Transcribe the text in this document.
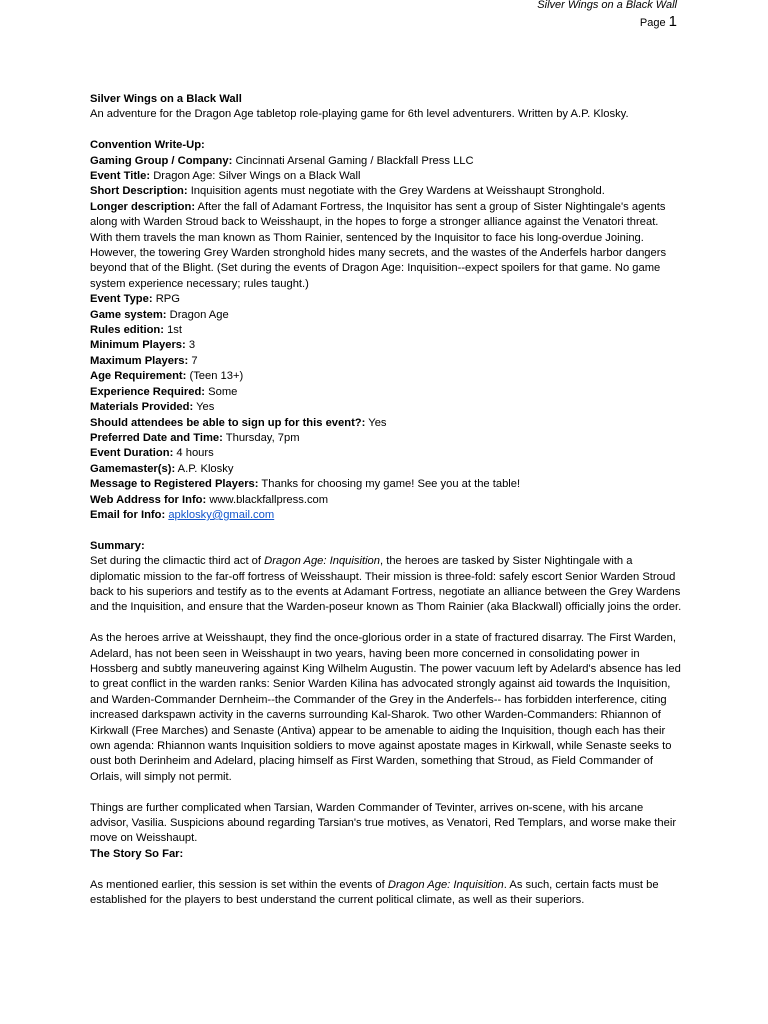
Silver Wings on a Black Wall
Page 1

Silver Wings on a Black Wall

An adventure for the Dragon Age tabletop role-playing game for 6th level adventurers. Written by A.P. Klosky.

Convention Write-Up:

Gaming Group / Company: Cincinnati Arsenal Gaming / Blackfall Press LLC

Event Title: Dragon Age: Silver Wings on a Black Wall

Short Description: Inquisition agents must negotiate with the Grey Wardens at Weisshaupt Stronghold.

Longer description: After the fall of Adamant Fortress, the Inquisitor has sent a group of Sister Nightingale's agents along with Warden Stroud back to Weisshaupt, in the hopes to forge a stronger alliance against the Venatori threat. With them travels the man known as Thom Rainier, sentenced by the Inquisitor to face his long-overdue Joining. However, the towering Grey Warden stronghold hides many secrets, and the wastes of the Anderfels harbor dangers beyond that of the Blight. (Set during the events of Dragon Age: Inquisition--expect spoilers for that game. No game system experience necessary; rules taught.)

Event Type: RPG

Game system: Dragon Age

Rules edition: 1st

Minimum Players: 3

Maximum Players: 7

Age Requirement: (Teen 13+)

Experience Required: Some

Materials Provided: Yes

Should attendees be able to sign up for this event?: Yes

Preferred Date and Time: Thursday, 7pm

Event Duration: 4 hours

Gamemaster(s): A.P. Klosky

Message to Registered Players: Thanks for choosing my game! See you at the table!

Web Address for Info: www.blackfallpress.com

Email for Info: apklosky@gmail.com

Summary:

Set during the climactic third act of Dragon Age: Inquisition, the heroes are tasked by Sister Nightingale with a diplomatic mission to the far-off fortress of Weisshaupt. Their mission is three-fold: safely escort Senior Warden Stroud back to his superiors and testify as to the events at Adamant Fortress, negotiate an alliance between the Grey Wardens and the Inquisition, and ensure that the Warden-poseur known as Thom Rainier (aka Blackwall) officially joins the order.

As the heroes arrive at Weisshaupt, they find the once-glorious order in a state of fractured disarray. The First Warden, Adelard, has not been seen in Weisshaupt in two years, having been more concerned in consolidating power in Hossberg and subtly maneuvering against King Wilhelm Augustin. The power vacuum left by Adelard's absence has led to great conflict in the warden ranks: Senior Warden Kilina has advocated strongly against aid towards the Inquisition, and Warden-Commander Dernheim--the Commander of the Grey in the Anderfels-- has forbidden interference, citing increased darkspawn activity in the caverns surrounding Kal-Sharok. Two other Warden-Commanders: Rhiannon of Kirkwall (Free Marches) and Senaste (Antiva) appear to be amenable to aiding the Inquisition, though each has their own agenda: Rhiannon wants Inquisition soldiers to move against apostate mages in Kirkwall, while Senaste seeks to oust both Derinheim and Adelard, placing himself as First Warden, something that Stroud, as Field Commander of Orlais, will simply not permit.

Things are further complicated when Tarsian, Warden Commander of Tevinter, arrives on-scene, with his arcane advisor, Vasilia. Suspicions abound regarding Tarsian's true motives, as Venatori, Red Templars, and worse make their move on Weisshaupt.

The Story So Far:

As mentioned earlier, this session is set within the events of Dragon Age: Inquisition. As such, certain facts must be established for the players to best understand the current political climate, as well as their superiors.
